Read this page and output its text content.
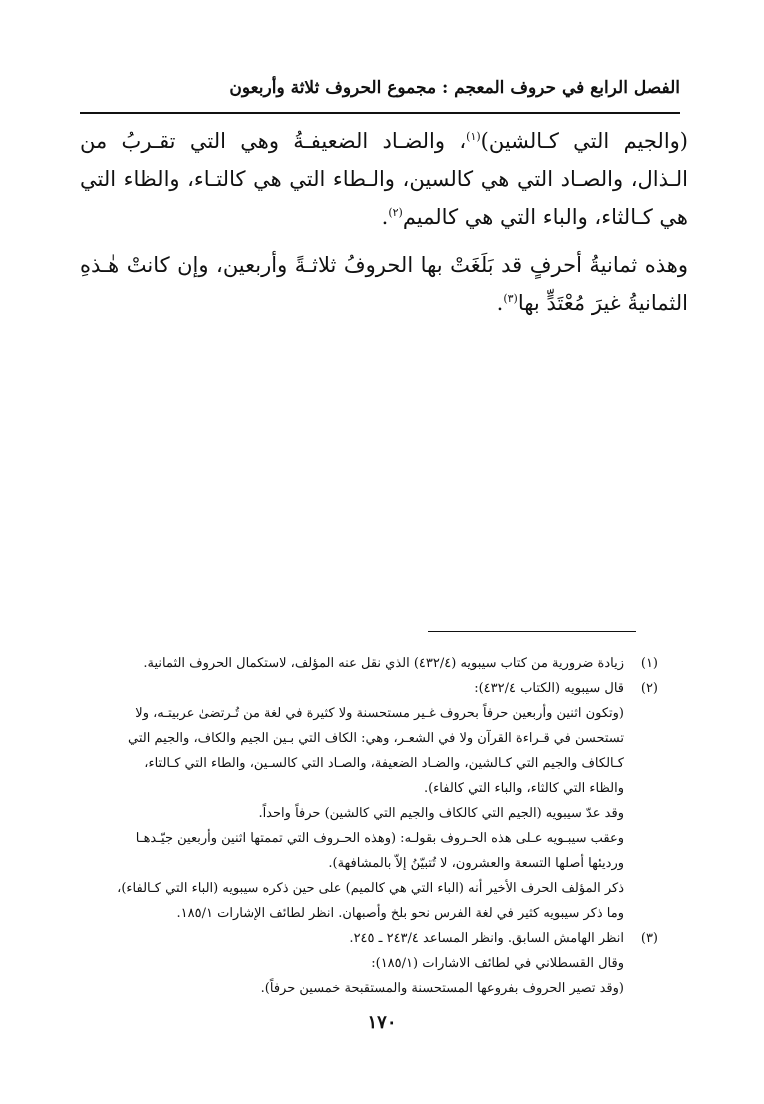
الفصل الرابع في حروف المعجم : مجموع الحروف ثلاثة وأربعون

(والجيم التي كـالشين)$^{(١)}$، والضـاد الضعيفـةُ وهي التي تقـربُ من الـذال، والصـاد التي هي كالسين، والـطاء التي هي كالتـاء، والظاء التي هي كـالثاء، والباء التي هي كالميم$^{(٢)}$.

وهذه ثمانيةُ أحرفٍ قد بَلَغَتْ بها الحروفُ ثلاثـةً وأربعين، وإن كانتْ هٰـذهِ الثمانيةُ غيرَ مُعْتَدٍّ بها$^{(٣)}$.

(١)
زيادة ضرورية من كتاب سيبويه (٤٣٢/٤) الذي نقل عنه المؤلف، لاستكمال الحروف الثمانية.
(٢)
قال سيبويه (الكتاب ٤٣٢/٤):
(وتكون اثنين وأربعين حرفاً بحروف غـير مستحسنة ولا كثيرة في لغة من تُـرتضىٰ عربيتـه، ولا
تستحسن في قـراءة القرآن ولا في الشعـر، وهي: الكاف التي بـين الجيم والكاف، والجيم التي
كـالكاف والجيم التي كـالشين، والضـاد الضعيفة، والصـاد التي كالسـين، والطاء التي كـالتاء،
والظاء التي كالثاء، والباء التي كالفاء).
وقد عدّ سيبويه (الجيم التي كالكاف والجيم التي كالشين) حرفاً واحداً.
وعقب سيبـويه عـلى هذه الحـروف بقولـه: (وهذه الحـروف التي تممتها اثنين وأربعين جيّـدهـا
ورديئها أصلها التسعة والعشرون، لا تُتبيّنُ إلاّ بالمشافهة).
ذكر المؤلف الحرف الأخير أنه (الباء التي هي كالميم) على حين ذكره سيبويه (الباء التي كـالفاء)،
وما ذكر سيبويه كثير في لغة الفرس نحو بلخ وأصبهان. انظر لطائف الإشارات ١٨٥/١.
(٣)
انظر الهامش السابق. وانظر المساعد ٢٤٣/٤ ـ ٢٤٥.
وقال القسطلاني في لطائف الاشارات (١٨٥/١):
(وقد تصير الحروف بفروعها المستحسنة والمستقبحة خمسين حرفاً).
١٧٠
